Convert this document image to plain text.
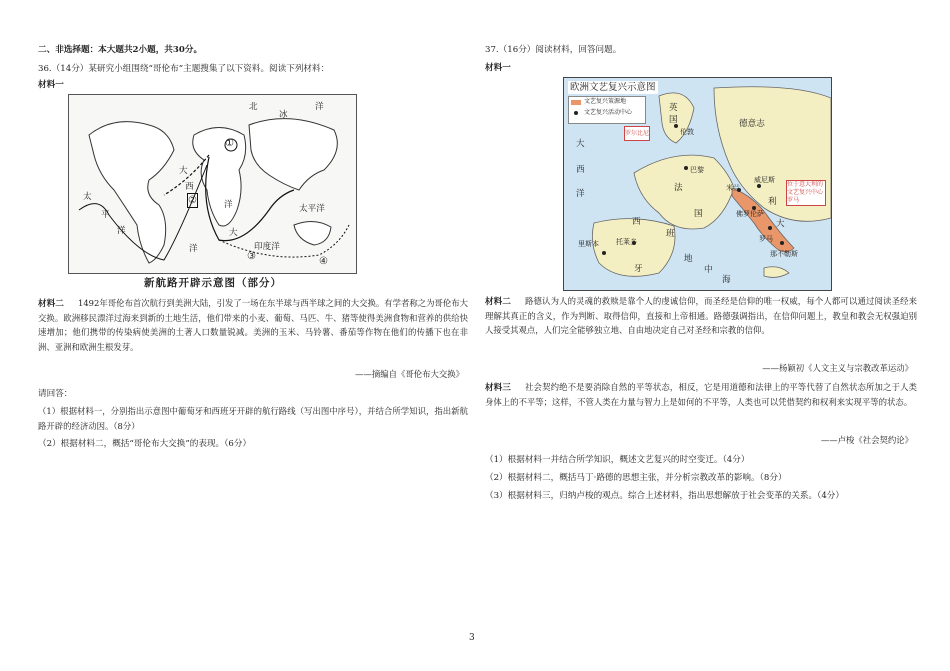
二、非选择题：本大题共2小题，共30分。
36.（14分）某研究小组围绕“哥伦布”主题搜集了以下资料。阅读下列材料：
材料一
北
冰
洋
大
西
洋
太
平
洋
太平洋
印度洋
大
洋
①
②
③	④
新航路开辟示意图（部分）
材料二	1492年哥伦布首次航行到美洲大陆，引发了一场在东半球与西半球之间的大交换。有学者称之为哥伦布大交换。欧洲移民漂洋过海来到新的土地生活，他们带来的小麦、葡萄、马匹、牛、猪等使得美洲食物和营养的供给快速增加；他们携带的传染病使美洲的土著人口数量锐减。美洲的玉米、马铃薯、番茄等作物在他们的传播下也在非洲、亚洲和欧洲生根发芽。
——摘编自《哥伦布大交换》
请回答：
（1）根据材料一，分别指出示意图中葡萄牙和西班牙开辟的航行路线（写出图中序号），并结合所学知识，指出新航路开辟的经济动因。（8分）
（2）根据材料二，概括“哥伦布大交换”的表现。（6分）
37.（16分）阅读材料，回答问题。
材料一
欧洲文艺复兴示意图
文艺复兴策源地
文艺复兴活动中心	英
国
伦敦
德意志
巴黎
法
国
西
班
牙
托莱多
里斯本
米兰
威尼斯
佛罗伦萨
罗马
那不勒斯
大
利
大
西
洋
地
中
海
罗尔比尼
位于意大利的文艺复兴中心罗马
材料二	路德认为人的灵魂的救赎是靠个人的虔诚信仰，而圣经是信仰的唯一权威，每个人都可以通过阅读圣经来理解其真正的含义，作为判断、取得信仰，直接和上帝相通。路德强调指出，在信仰问题上，教皇和教会无权强迫别人接受其观点，人们完全能够独立地、自由地决定自己对圣经和宗教的信仰。
——杨颖初《人文主义与宗教改革运动》
材料三	社会契约绝不是要消除自然的平等状态，相反，它是用道德和法律上的平等代替了自然状态所加之于人类身体上的不平等；这样，不管人类在力量与智力上是如何的不平等，人类也可以凭借契约和权利来实现平等的状态。
——卢梭《社会契约论》
（1）根据材料一并结合所学知识，概述文艺复兴的时空变迁。（4分）
（2）根据材料二，概括马丁·路德的思想主张，并分析宗教改革的影响。（8分）
（3）根据材料三，归纳卢梭的观点。综合上述材料，指出思想解放于社会变革的关系。（4分）
3
